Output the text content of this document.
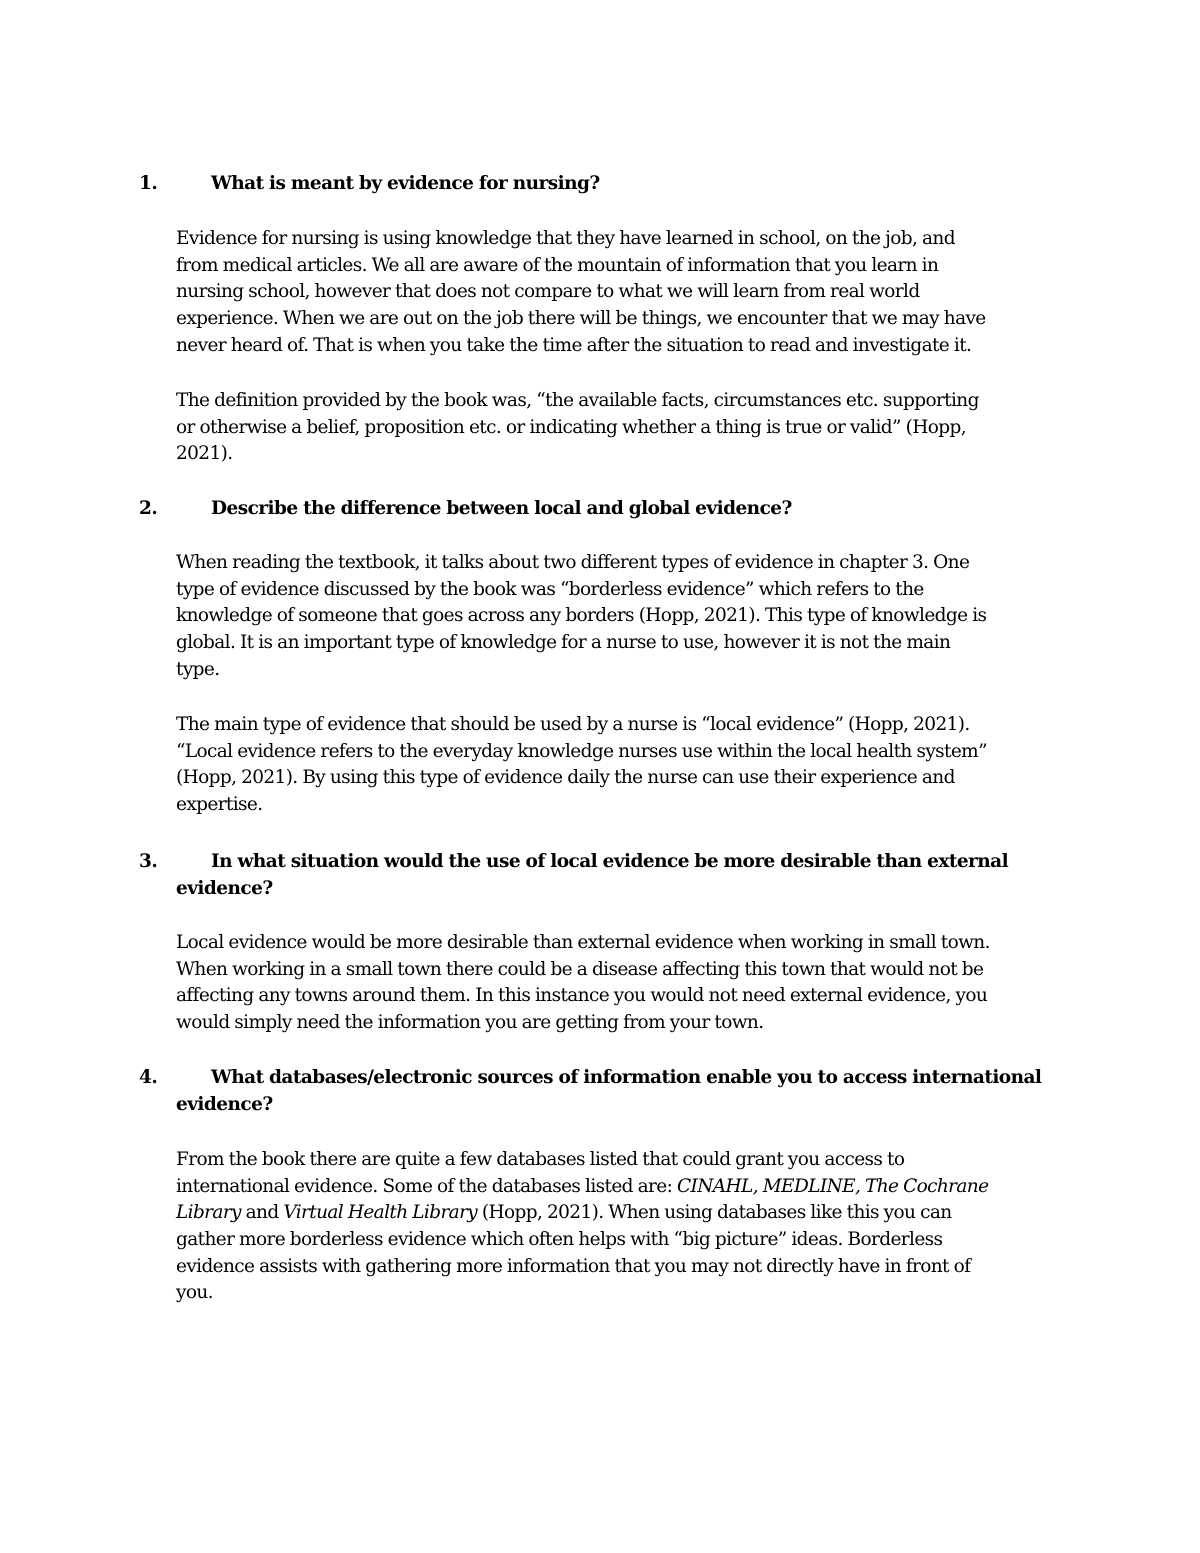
1.	What is meant by evidence for nursing?
Evidence for nursing is using knowledge that they have learned in school, on the job, and
from medical articles. We all are aware of the mountain of information that you learn in
nursing school, however that does not compare to what we will learn from real world
experience. When we are out on the job there will be things, we encounter that we may have
never heard of. That is when you take the time after the situation to read and investigate it.
The definition provided by the book was, “the available facts, circumstances etc. supporting
or otherwise a belief, proposition etc. or indicating whether a thing is true or valid” (Hopp,
2021).
2.	Describe the difference between local and global evidence?
When reading the textbook, it talks about two different types of evidence in chapter 3. One
type of evidence discussed by the book was “borderless evidence” which refers to the
knowledge of someone that goes across any borders (Hopp, 2021). This type of knowledge is
global. It is an important type of knowledge for a nurse to use, however it is not the main
type.
The main type of evidence that should be used by a nurse is “local evidence” (Hopp, 2021).
“Local evidence refers to the everyday knowledge nurses use within the local health system”
(Hopp, 2021). By using this type of evidence daily the nurse can use their experience and
expertise.
3.	In what situation would the use of local evidence be more desirable than external
evidence?
Local evidence would be more desirable than external evidence when working in small town.
When working in a small town there could be a disease affecting this town that would not be
affecting any towns around them. In this instance you would not need external evidence, you
would simply need the information you are getting from your town.
4.	What databases/electronic sources of information enable you to access international
evidence?
From the book there are quite a few databases listed that could grant you access to
international evidence. Some of the databases listed are: CINAHL, MEDLINE, The Cochrane
Library and Virtual Health Library (Hopp, 2021). When using databases like this you can
gather more borderless evidence which often helps with “big picture” ideas. Borderless
evidence assists with gathering more information that you may not directly have in front of
you.
